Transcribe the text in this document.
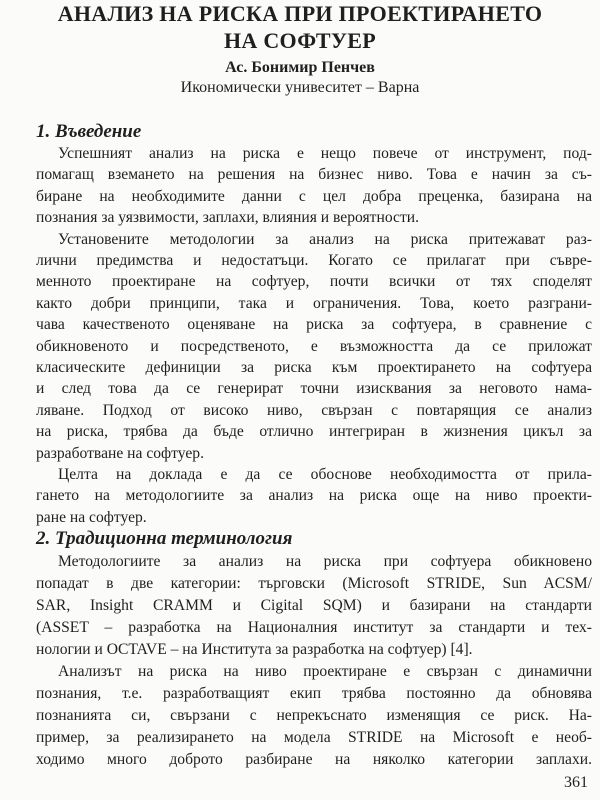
АНАЛИЗ НА РИСКА ПРИ ПРОЕКТИРАНЕТО
НА СОФТУЕР

Ас. Бонимир Пенчев

Икономически унивеситет – Варна

1. Въведение
Успешният анализ на риска е нещо повече от инструмент, под-
помагащ вземането на решения на бизнес ниво. Това е начин за съ-
биране на необходимите данни с цел добра преценка, базирана на
познания за уязвимости, заплахи, влияния и вероятности.
Установените методологии за анализ на риска притежават раз-
лични предимства и недостатъци. Когато се прилагат при съвре-
менното проектиране на софтуер, почти всички от тях споделят
както добри принципи, така и ограничения. Това, което разграни-
чава качественото оценяване на риска за софтуера, в сравнение с
обикновеното и посредственото, е възможността да се приложат
класическите дефиниции за риска към проектирането на софтуера
и след това да се генерират точни изисквания за неговото нама-
ляване. Подход от високо ниво, свързан с повтарящия се анализ
на риска, трябва да бъде отлично интегриран в жизнения цикъл за
разработване на софтуер.
Целта на доклада е да се обоснове необходимостта от прила-
гането на методологиите за анализ на риска още на ниво проекти-
2. Традиционна терминология
Методологиите за анализ на риска при софтуера обикновено
попадат в две категории: търговски (Microsoft STRIDE, Sun ACSM/
SAR, Insight CRAMM и Cigital SQM) и базирани на стандарти
(ASSET – разработка на Националния институт за стандарти и тех-
нологии и OCTAVE – на Института за разработка на софтуер) [4].
Анализът на риска на ниво проектиране е свързан с динамични
познания, т.е. разработващият екип трябва постоянно да обновява
познанията си, свързани с непрекъснато изменящия се риск. На-
пример, за реализирането на модела STRIDE на Microsoft е необ-
ходимо много доброто разбиране на няколко категории заплахи.

361

ране на софтуер.
